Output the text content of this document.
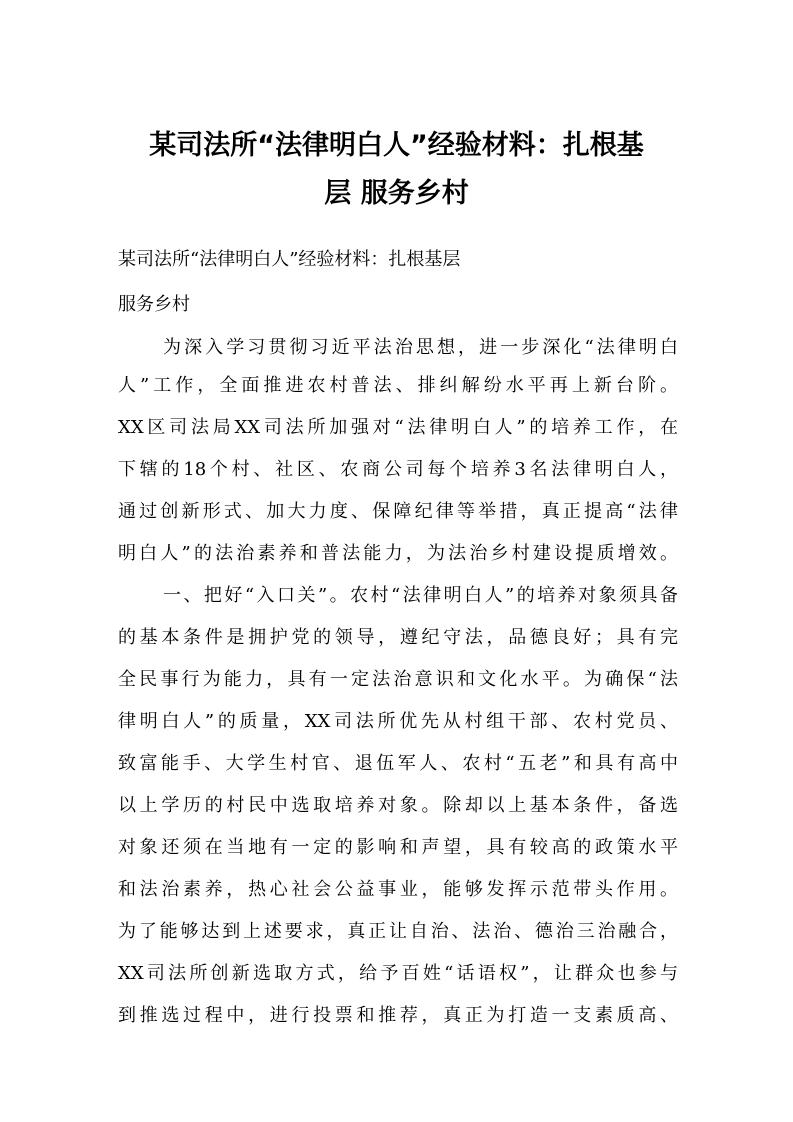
某司法所“法律明白人”经验材料：扎根基
层 服务乡村

某司法所“法律明白人”经验材料：扎根基层

服务乡村

为深入学习贯彻习近平法治思想，进一步深化“法律明白

人”工作，全面推进农村普法、排纠解纷水平再上新台阶。

XX区司法局XX司法所加强对“法律明白人”的培养工作，在

下辖的18个村、社区、农商公司每个培养3名法律明白人，

通过创新形式、加大力度、保障纪律等举措，真正提高“法律

明白人”的法治素养和普法能力，为法治乡村建设提质增效。

一、把好“入口关”。农村“法律明白人”的培养对象须具备

的基本条件是拥护党的领导，遵纪守法，品德良好；具有完

全民事行为能力，具有一定法治意识和文化水平。为确保“法

律明白人”的质量，XX司法所优先从村组干部、农村党员、

致富能手、大学生村官、退伍军人、农村“五老”和具有高中

以上学历的村民中选取培养对象。除却以上基本条件，备选

对象还须在当地有一定的影响和声望，具有较高的政策水平

和法治素养，热心社会公益事业，能够发挥示范带头作用。

为了能够达到上述要求，真正让自治、法治、德治三治融合，

XX司法所创新选取方式，给予百姓“话语权”，让群众也参与

到推选过程中，进行投票和推荐，真正为打造一支素质高、
